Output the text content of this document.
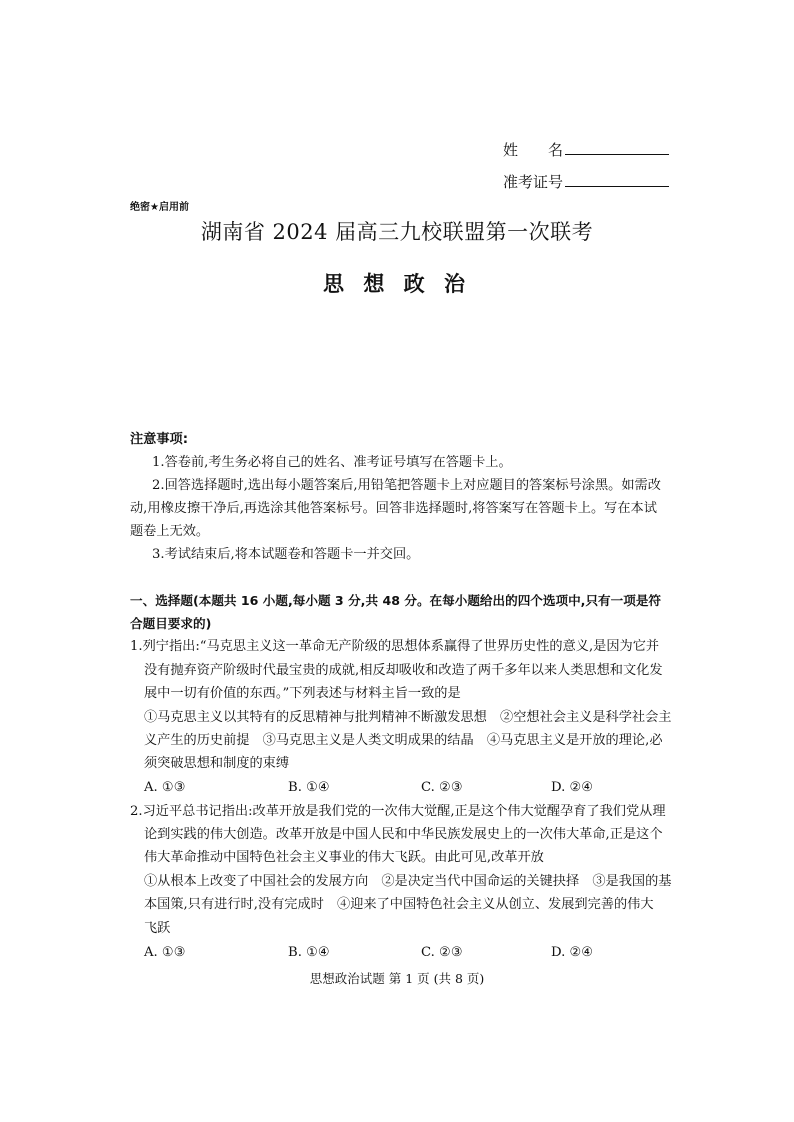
姓　　名
准考证号
绝密★启用前
湖南省 2024 届高三九校联盟第一次联考
思 想 政 治
注意事项:
1.答卷前,考生务必将自己的姓名、准考证号填写在答题卡上。
2.回答选择题时,选出每小题答案后,用铅笔把答题卡上对应题目的答案标号涂黑。如需改
动,用橡皮擦干净后,再选涂其他答案标号。回答非选择题时,将答案写在答题卡上。写在本试
题卷上无效。
3.考试结束后,将本试题卷和答题卡一并交回。
一、选择题(本题共 16 小题,每小题 3 分,共 48 分。在每小题给出的四个选项中,只有一项是符
合题目要求的)
1.列宁指出:“马克思主义这一革命无产阶级的思想体系赢得了世界历史性的意义,是因为它并
没有抛弃资产阶级时代最宝贵的成就,相反却吸收和改造了两千多年以来人类思想和文化发
展中一切有价值的东西。”下列表述与材料主旨一致的是
①马克思主义以其特有的反思精神与批判精神不断激发思想　②空想社会主义是科学社会主
义产生的历史前提　③马克思主义是人类文明成果的结晶　④马克思主义是开放的理论,必
须突破思想和制度的束缚
A. ①③	B. ①④	C. ②③	D. ②④
2.习近平总书记指出:改革开放是我们党的一次伟大觉醒,正是这个伟大觉醒孕育了我们党从理
论到实践的伟大创造。改革开放是中国人民和中华民族发展史上的一次伟大革命,正是这个
伟大革命推动中国特色社会主义事业的伟大飞跃。由此可见,改革开放
①从根本上改变了中国社会的发展方向　②是决定当代中国命运的关键抉择　③是我国的基
本国策,只有进行时,没有完成时　④迎来了中国特色社会主义从创立、发展到完善的伟大
飞跃
A. ①③	B. ①④	C. ②③	D. ②④
思想政治试题 第 1 页 (共 8 页)
